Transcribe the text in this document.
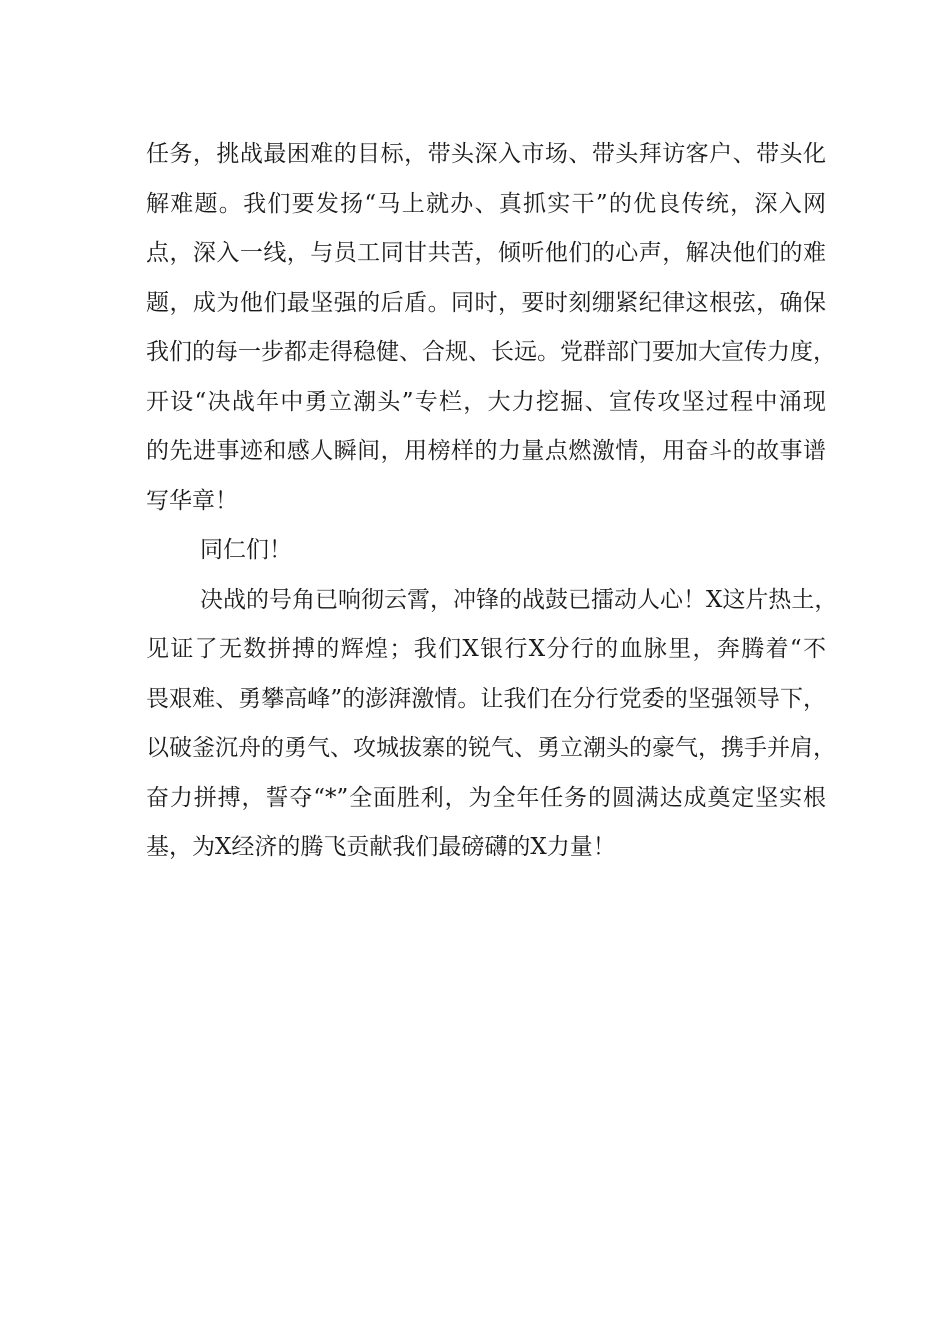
任务，挑战最困难的目标，带头深入市场、带头拜访客户、带头化
解难题。我们要发扬“马上就办、真抓实干”的优良传统，深入网
点，深入一线，与员工同甘共苦，倾听他们的心声，解决他们的难
题，成为他们最坚强的后盾。同时，要时刻绷紧纪律这根弦，确保
我们的每一步都走得稳健、合规、长远。党群部门要加大宣传力度，
开设“决战年中勇立潮头”专栏，大力挖掘、宣传攻坚过程中涌现
的先进事迹和感人瞬间，用榜样的力量点燃激情，用奋斗的故事谱
写华章！
同仁们！
决战的号角已响彻云霄，冲锋的战鼓已擂动人心！X这片热土，
见证了无数拼搏的辉煌；我们X银行X分行的血脉里，奔腾着“不
畏艰难、勇攀高峰”的澎湃激情。让我们在分行党委的坚强领导下，
以破釜沉舟的勇气、攻城拔寨的锐气、勇立潮头的豪气，携手并肩，
奋力拼搏，誓夺“*”全面胜利，为全年任务的圆满达成奠定坚实根
基，为X经济的腾飞贡献我们最磅礴的X力量！
